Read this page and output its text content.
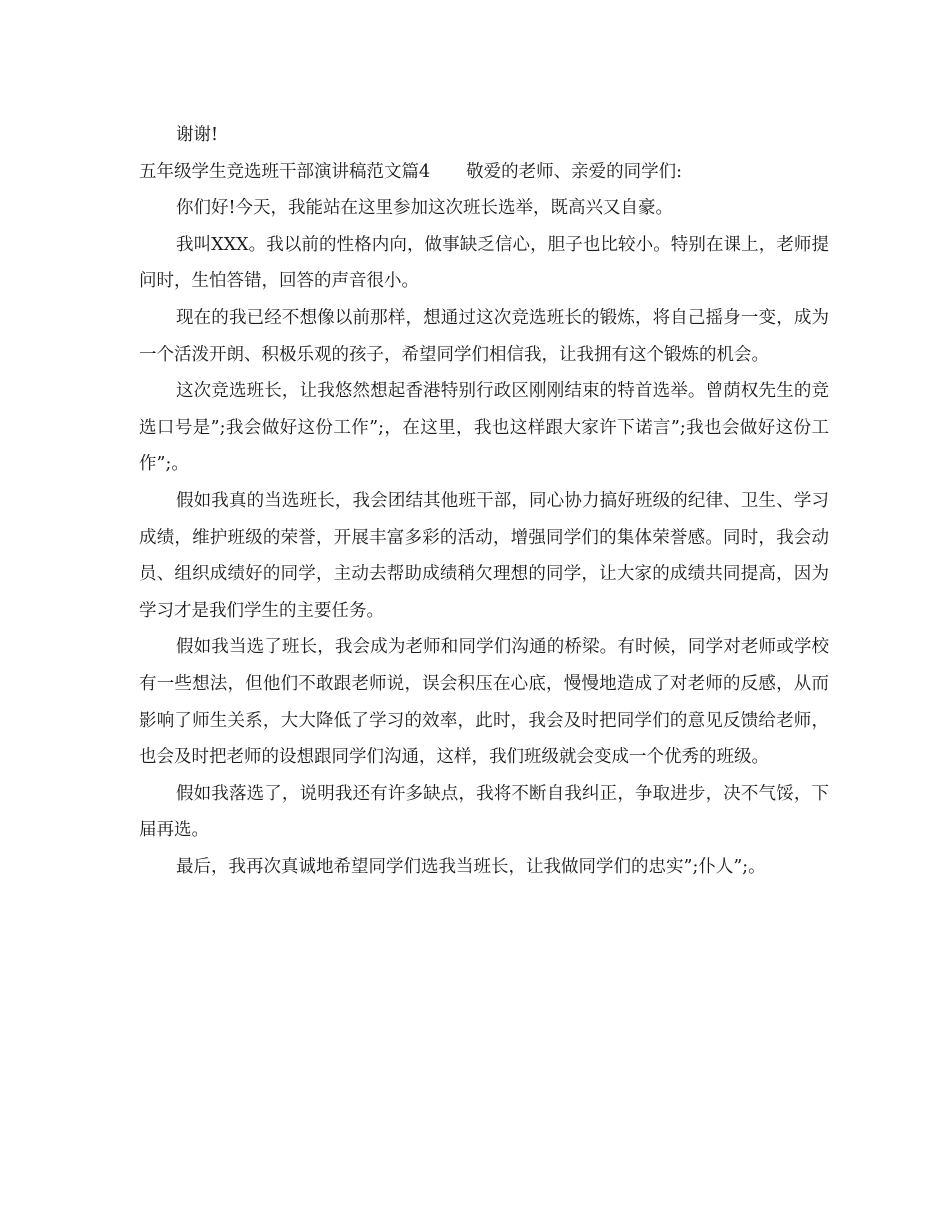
谢谢!

五年级学生竞选班干部演讲稿范文篇4 敬爱的老师、亲爱的同学们:

你们好!今天，我能站在这里参加这次班长选举，既高兴又自豪。

我叫XXX。我以前的性格内向，做事缺乏信心，胆子也比较小。特别在课上，老师提问时，生怕答错，回答的声音很小。

现在的我已经不想像以前那样，想通过这次竞选班长的锻炼，将自己摇身一变，成为一个活泼开朗、积极乐观的孩子，希望同学们相信我，让我拥有这个锻炼的机会。

这次竞选班长，让我悠然想起香港特别行政区刚刚结束的特首选举。曾荫权先生的竞选口号是”;我会做好这份工作”;，在这里，我也这样跟大家许下诺言”;我也会做好这份工作”;。

假如我真的当选班长，我会团结其他班干部，同心协力搞好班级的纪律、卫生、学习成绩，维护班级的荣誉，开展丰富多彩的活动，增强同学们的集体荣誉感。同时，我会动员、组织成绩好的同学，主动去帮助成绩稍欠理想的同学，让大家的成绩共同提高，因为学习才是我们学生的主要任务。

假如我当选了班长，我会成为老师和同学们沟通的桥梁。有时候，同学对老师或学校有一些想法，但他们不敢跟老师说，误会积压在心底，慢慢地造成了对老师的反感，从而影响了师生关系，大大降低了学习的效率，此时，我会及时把同学们的意见反馈给老师，也会及时把老师的设想跟同学们沟通，这样，我们班级就会变成一个优秀的班级。

假如我落选了，说明我还有许多缺点，我将不断自我纠正，争取进步，决不气馁，下届再选。

最后，我再次真诚地希望同学们选我当班长，让我做同学们的忠实”;仆人”;。
